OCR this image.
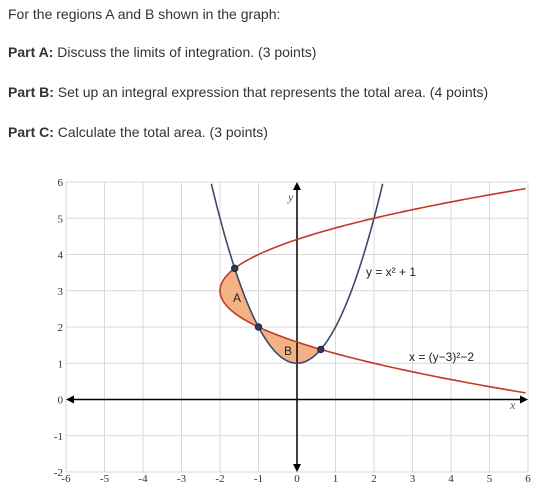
For the regions A and B shown in the graph:
Part A: Discuss the limits of integration. (3 points)
Part B: Set up an integral expression that represents the total area. (4 points)
Part C: Calculate the total area. (3 points)
-6	-5	-4	-3	-2	-1	0	1	2	3	4	5	6
-2
-1
0
1
2
3
4
5
6
y = x² + 1
x = (y−3)²−2
A
B
y
x
